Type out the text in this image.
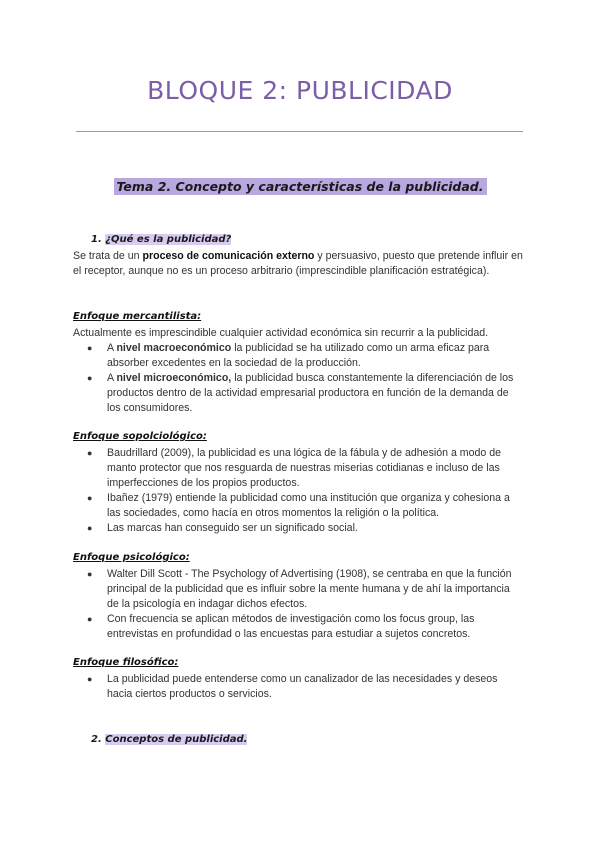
BLOQUE 2: PUBLICIDAD
Tema 2. Concepto y características de la publicidad.
1. ¿Qué es la publicidad?
Se trata de un proceso de comunicación externo y persuasivo, puesto que pretende influir en el receptor, aunque no es un proceso arbitrario (imprescindible planificación estratégica).
Enfoque mercantilista:
Actualmente es imprescindible cualquier actividad económica sin recurrir a la publicidad.
● A nivel macroeconómico la publicidad se ha utilizado como un arma eficaz para absorber excedentes en la sociedad de la producción.
● A nivel microeconómico, la publicidad busca constantemente la diferenciación de los productos dentro de la actividad empresarial productora en función de la demanda de los consumidores.
Enfoque sopolciológico:
● Baudrillard (2009), la publicidad es una lógica de la fábula y de adhesión a modo de manto protector que nos resguarda de nuestras miserias cotidianas e incluso de las imperfecciones de los propios productos.
● Ibañez (1979) entiende la publicidad como una institución que organiza y cohesiona a las sociedades, como hacía en otros momentos la religión o la política.
● Las marcas han conseguido ser un significado social.
Enfoque psicológico:
● Walter Dill Scott - The Psychology of Advertising (1908), se centraba en que la función principal de la publicidad que es influir sobre la mente humana y de ahí la importancia de la psicología en indagar dichos efectos.
● Con frecuencia se aplican métodos de investigación como los focus group, las entrevistas en profundidad o las encuestas para estudiar a sujetos concretos.
Enfoque filosófico:
● La publicidad puede entenderse como un canalizador de las necesidades y deseos hacia ciertos productos o servicios.
2. Conceptos de publicidad.
